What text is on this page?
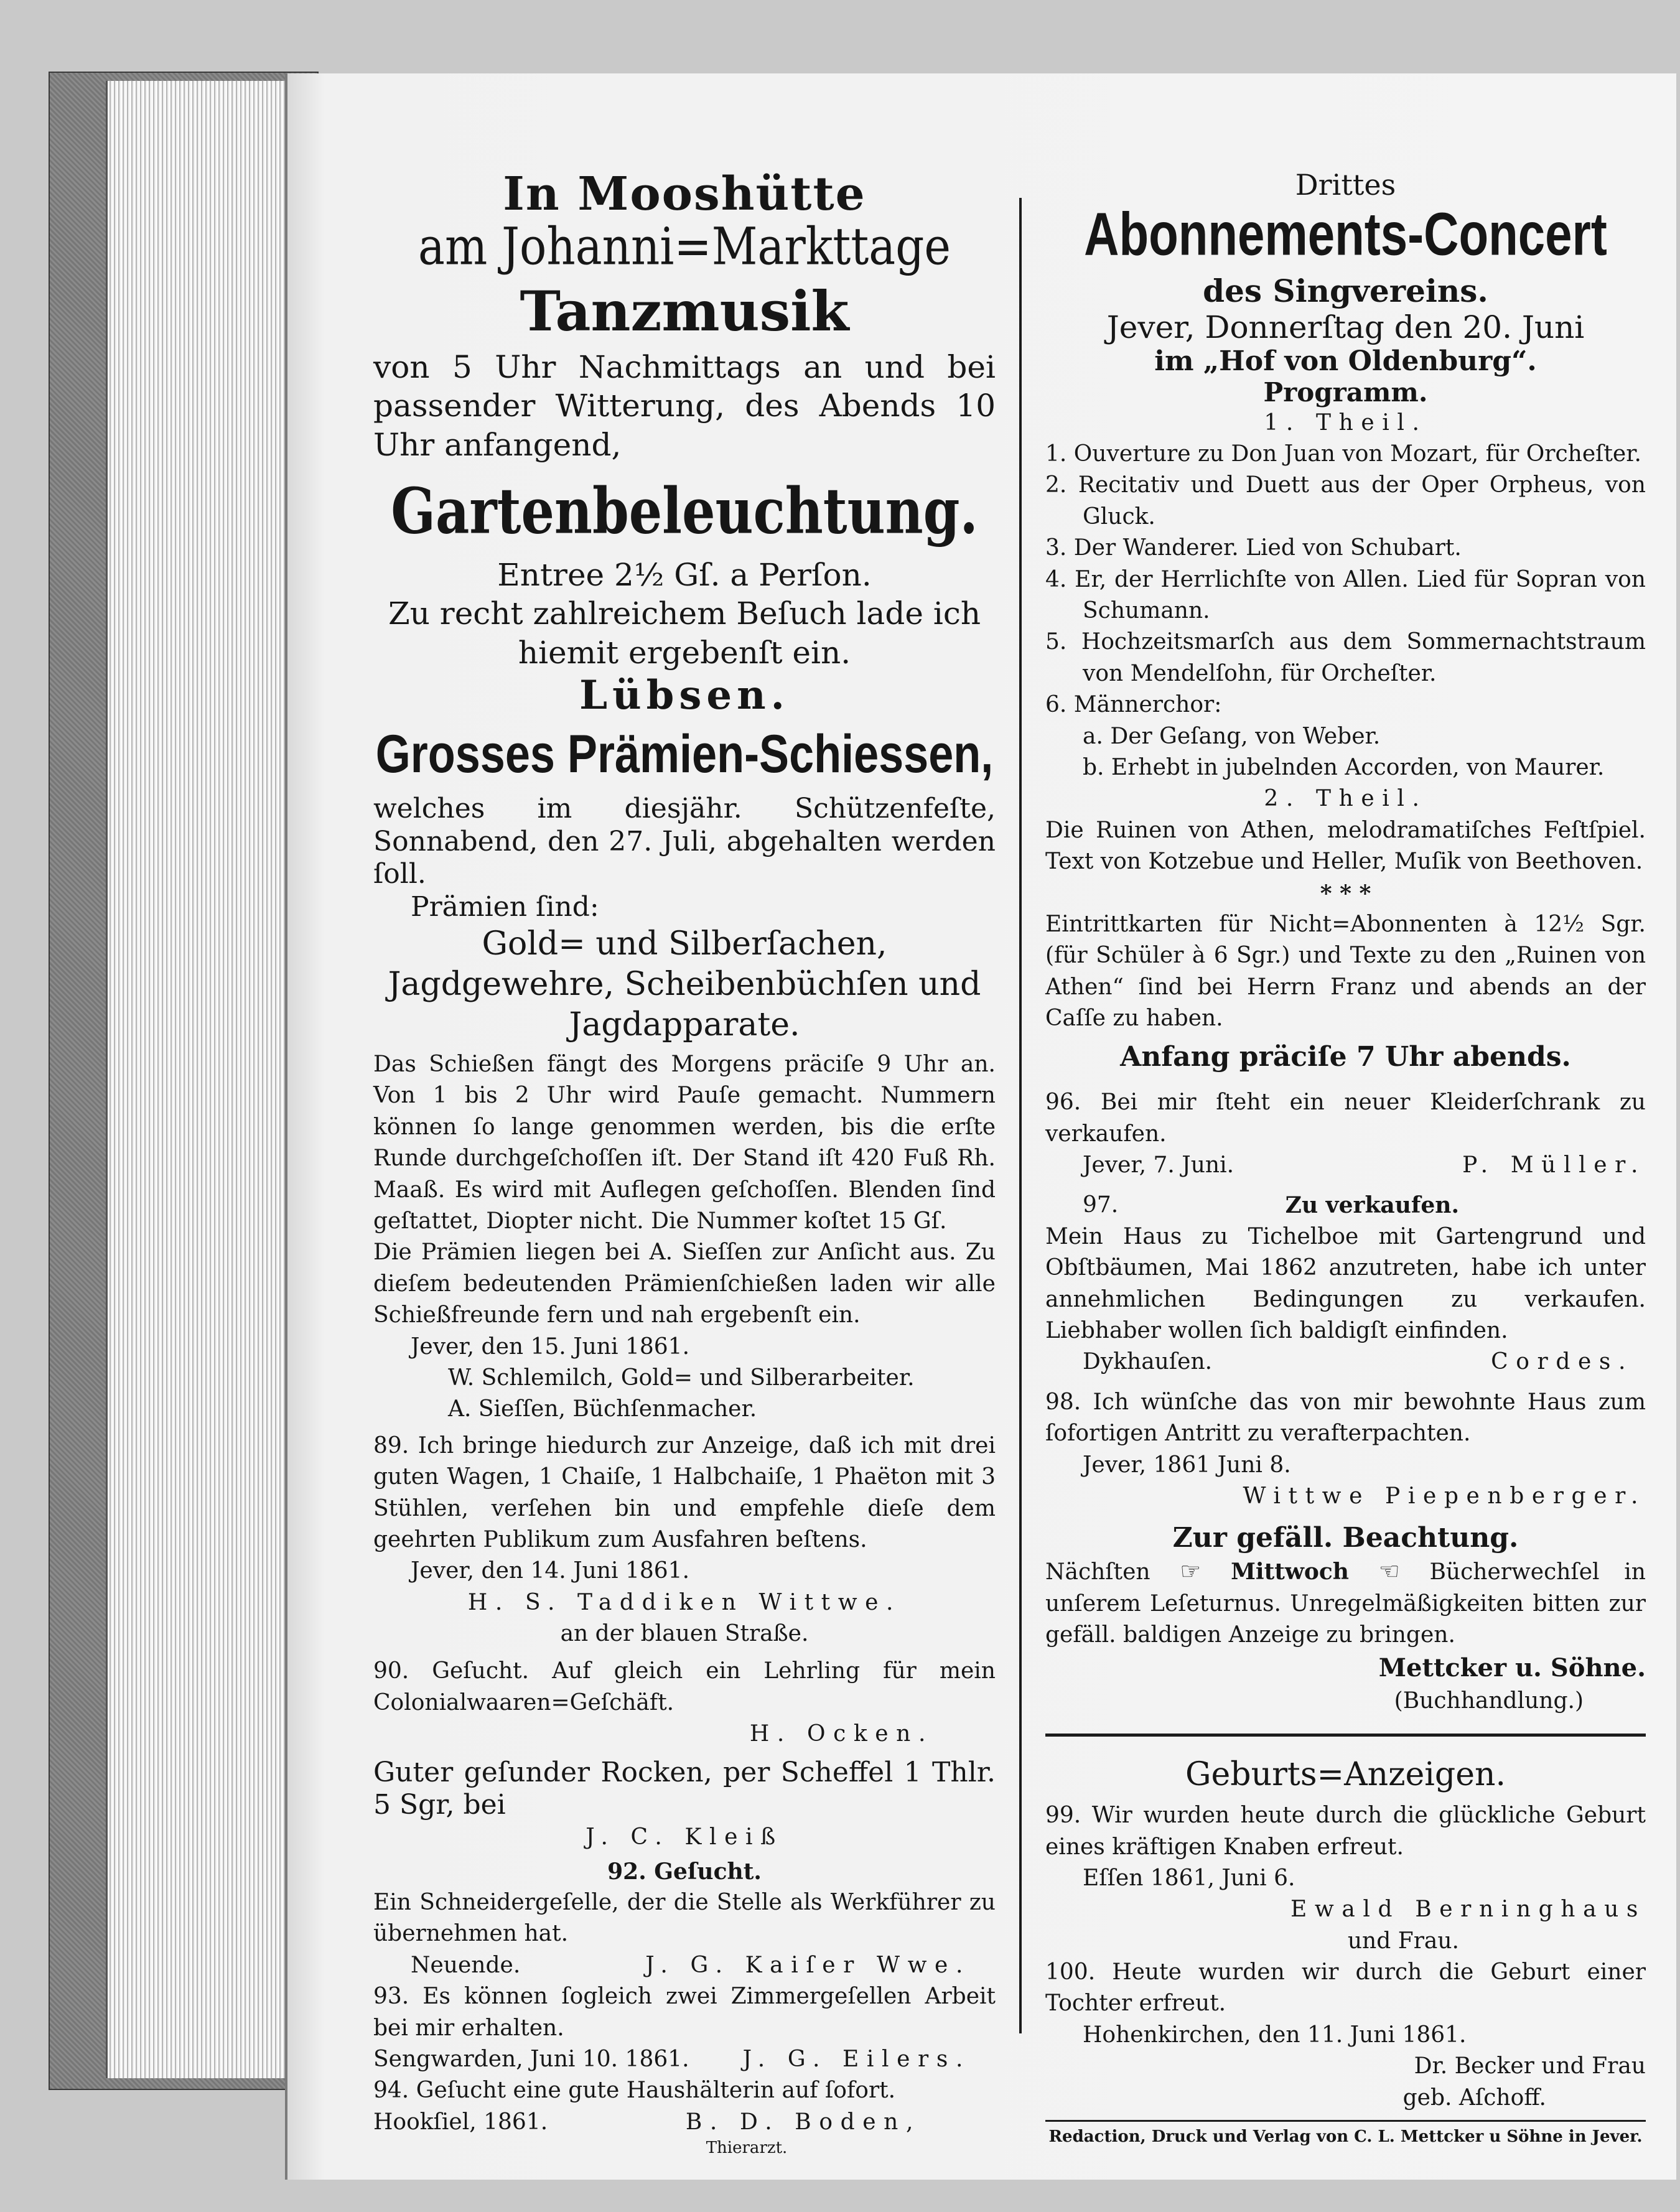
In Mooshütte

am Johanni=Markttage

Tanzmusik

von 5 Uhr Nachmittags an und bei passender Witterung, des Abends 10 Uhr anfangend,

Gartenbeleuchtung.

Entree 2½ Gſ. a Perſon.

Zu recht zahlreichem Beſuch lade ich hiemit ergebenſt ein.

Lübsen.

Grosses Prämien-Schiessen,

welches im diesjähr. Schützenfeſte, Sonnabend, den 27. Juli, abgehalten werden ſoll.

Prämien ſind:

Gold= und Silberſachen,

Jagdgewehre, Scheibenbüchſen und

Jagdapparate.

Das Schießen fängt des Morgens präciſe 9 Uhr an. Von 1 bis 2 Uhr wird Pauſe gemacht. Nummern können ſo lange genommen werden, bis die erſte Runde durchgeſchoſſen iſt. Der Stand iſt 420 Fuß Rh. Maaß. Es wird mit Auflegen geſchoſſen. Blenden ſind geſtattet, Diopter nicht. Die Nummer koſtet 15 Gſ.

Die Prämien liegen bei A. Sieſſen zur Anſicht aus. Zu dieſem bedeutenden Prämienſchießen laden wir alle Schießfreunde fern und nah ergebenſt ein.

Jever, den 15. Juni 1861.

W. Schlemilch, Gold= und Silberarbeiter.

A. Sieſſen, Büchſenmacher.

89. Ich bringe hiedurch zur Anzeige, daß ich mit drei guten Wagen, 1 Chaiſe, 1 Halbchaiſe, 1 Phaëton mit 3 Stühlen, verſehen bin und empfehle dieſe dem geehrten Publikum zum Ausfahren beſtens.

Jever, den 14. Juni 1861.

H. S. Taddiken Wittwe.

an der blauen Straße.

90. Geſucht. Auf gleich ein Lehrling für mein Colonialwaaren=Geſchäft.

H. Ocken.

Guter geſunder Rocken, per Scheffel 1 Thlr. 5 Sgr, bei

J. C. Kleiß

92. Geſucht.

Ein Schneidergeſelle, der die Stelle als Werkführer zu übernehmen hat.

Neuende.	J. G. Kaiſer Wwe.

93. Es können ſogleich zwei Zimmergeſellen Arbeit bei mir erhalten.

Sengwarden, Juni 10. 1861. J. G. Eilers.

94. Geſucht eine gute Haushälterin auf ſofort.

Hookſiel, 1861.	B. D. Boden,

Thierarzt.

Drittes

Abonnements-Concert

des Singvereins.

Jever, Donnerſtag den 20. Juni

im „Hof von Oldenburg“.

Programm.

1. Theil.

1. Ouverture zu Don Juan von Mozart, für Orcheſter.

2. Recitativ und Duett aus der Oper Orpheus, von Gluck.

3. Der Wanderer. Lied von Schubart.

4. Er, der Herrlichſte von Allen. Lied für Sopran von Schumann.

5. Hochzeitsmarſch aus dem Sommernachtstraum von Mendelſohn, für Orcheſter.

6. Männerchor:

a. Der Geſang, von Weber.

b. Erhebt in jubelnden Accorden, von Maurer.

2. Theil.

Die Ruinen von Athen, melodramatiſches Feſtſpiel. Text von Kotzebue und Heller, Muſik von Beethoven.

* * *

Eintrittkarten für Nicht=Abonnenten à 12½ Sgr. (für Schüler à 6 Sgr.) und Texte zu den „Ruinen von Athen“ ſind bei Herrn Franz und abends an der Caſſe zu haben.

Anfang präciſe 7 Uhr abends.

96. Bei mir ſteht ein neuer Kleiderſchrank zu verkaufen.

Jever, 7. Juni.	P. Müller.
97.	Zu verkaufen.

Mein Haus zu Tichelboe mit Gartengrund und Obſtbäumen, Mai 1862 anzutreten, habe ich unter annehmlichen Bedingungen zu verkaufen. Liebhaber wollen ſich baldigſt einfinden.

Dykhauſen.	Cordes.

98. Ich wünſche das von mir bewohnte Haus zum ſofortigen Antritt zu verafterpachten.

Jever, 1861 Juni 8.

Wittwe Piepenberger.

Zur gefäll. Beachtung.

Nächſten ☞ Mittwoch ☜ Bücherwechſel in unſerem Leſeturnus. Unregelmäßigkeiten bitten zur gefäll. baldigen Anzeige zu bringen.

Mettcker u. Söhne.

(Buchhandlung.)

Geburts=Anzeigen.

99. Wir wurden heute durch die glückliche Geburt eines kräftigen Knaben erfreut.

Eſſen 1861, Juni 6.

Ewald Berninghaus

und Frau.

100. Heute wurden wir durch die Geburt einer Tochter erfreut.

Hohenkirchen, den 11. Juni 1861.

Dr. Becker und Frau

geb. Aſchoff.

Redaction, Druck und Verlag von C. L. Mettcker u Söhne in Jever.
